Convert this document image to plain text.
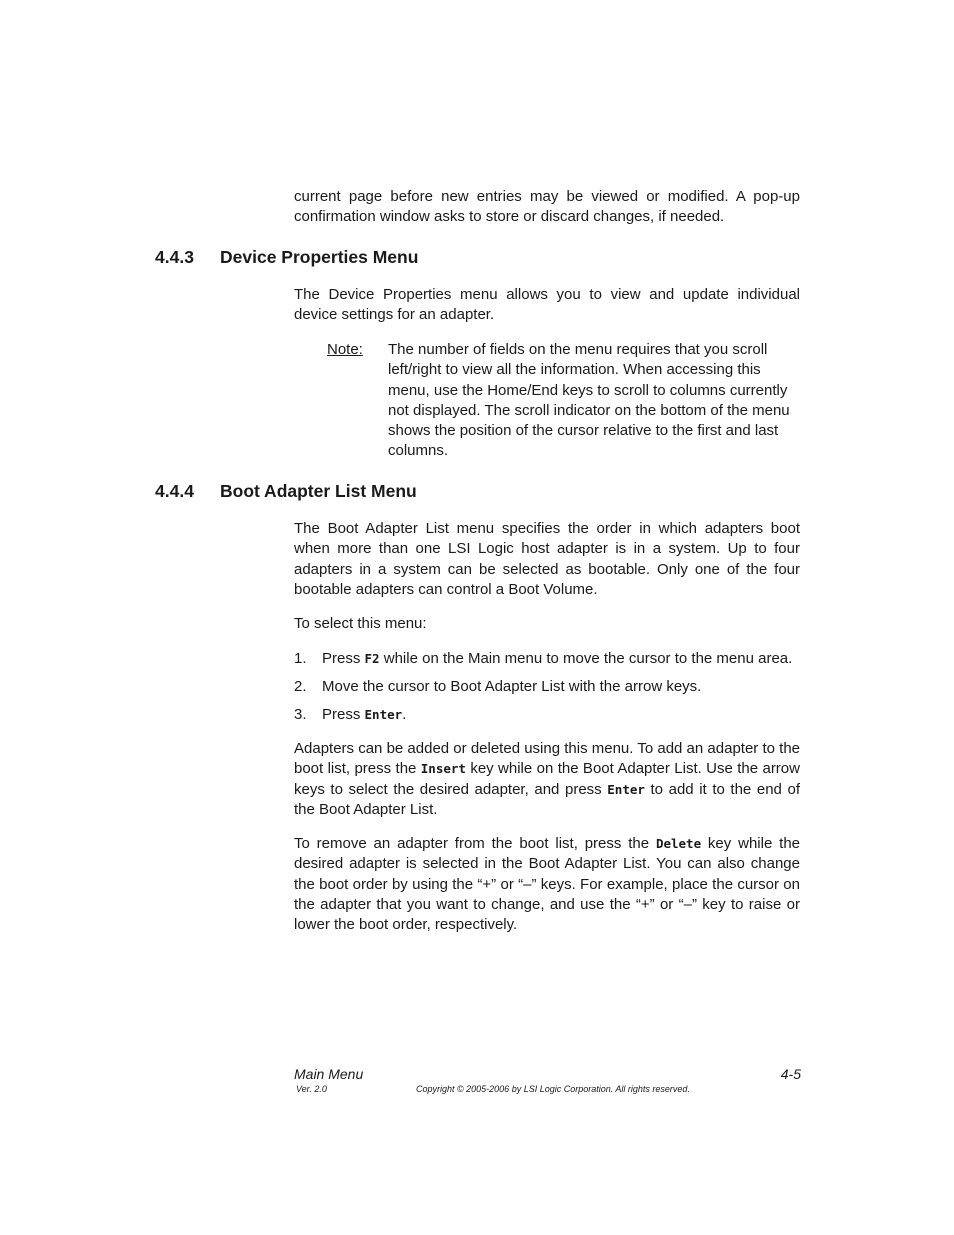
current page before new entries may be viewed or modified. A pop-up confirmation window asks to store or discard changes, if needed.

4.4.3 Device Properties Menu

The Device Properties menu allows you to view and update individual device settings for an adapter.

Note: The number of fields on the menu requires that you scroll left/right to view all the information. When accessing this menu, use the Home/End keys to scroll to columns currently not displayed. The scroll indicator on the bottom of the menu shows the position of the cursor relative to the first and last columns.

4.4.4 Boot Adapter List Menu

The Boot Adapter List menu specifies the order in which adapters boot when more than one LSI Logic host adapter is in a system. Up to four adapters in a system can be selected as bootable. Only one of the four bootable adapters can control a Boot Volume.

To select this menu:

1. Press F2 while on the Main menu to move the cursor to the menu area.
2. Move the cursor to Boot Adapter List with the arrow keys.
3. Press Enter.

Adapters can be added or deleted using this menu. To add an adapter to the boot list, press the Insert key while on the Boot Adapter List. Use the arrow keys to select the desired adapter, and press Enter to add it to the end of the Boot Adapter List.

To remove an adapter from the boot list, press the Delete key while the desired adapter is selected in the Boot Adapter List. You can also change the boot order by using the “+” or “–” keys. For example, place the cursor on the adapter that you want to change, and use the “+” or “–” key to raise or lower the boot order, respectively.

Main Menu	4-5
Ver. 2.0	Copyright © 2005-2006 by LSI Logic Corporation. All rights reserved.
